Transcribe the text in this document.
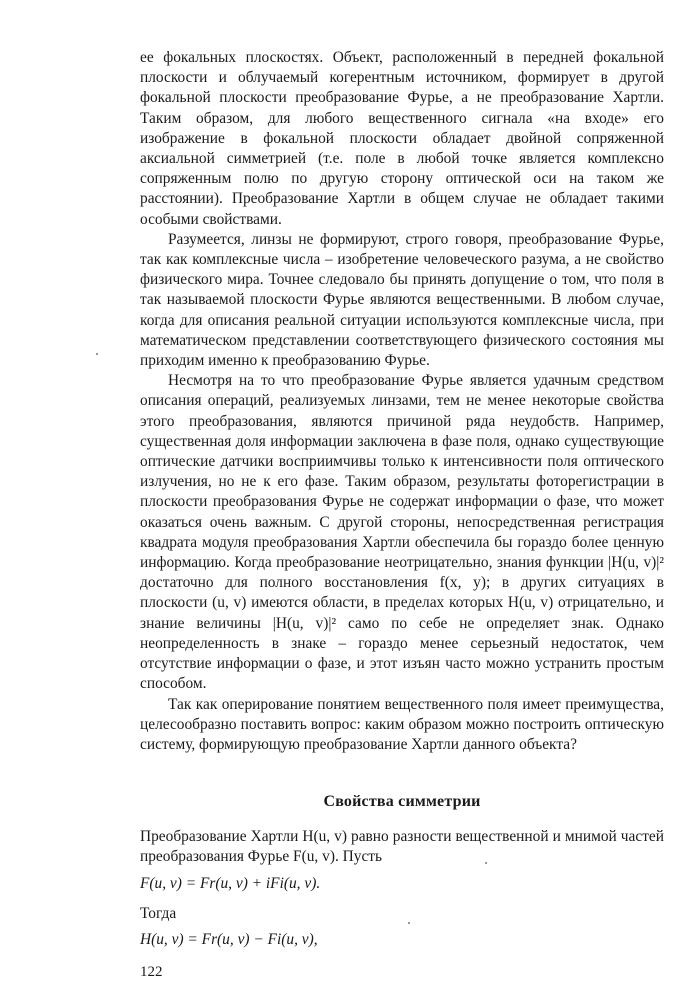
ее фокальных плоскостях. Объект, расположенный в передней фокальной плоскости и облучаемый когерентным источником, формирует в другой фокальной плоскости преобразование Фурье, а не преобразование Хартли. Таким образом, для любого вещественного сигнала «на входе» его изображение в фокальной плоскости обладает двойной сопряженной аксиальной симметрией (т.е. поле в любой точке является комплексно сопряженным полю по другую сторону оптической оси на таком же расстоянии). Преобразование Хартли в общем случае не обладает такими особыми свойствами.

Разумеется, линзы не формируют, строго говоря, преобразование Фурье, так как комплексные числа – изобретение человеческого разума, а не свойство физического мира. Точнее следовало бы принять допущение о том, что поля в так называемой плоскости Фурье являются вещественными. В любом случае, когда для описания реальной ситуации используются комплексные числа, при математическом представлении соответствующего физического состояния мы приходим именно к преобразованию Фурье.

Несмотря на то что преобразование Фурье является удачным средством описания операций, реализуемых линзами, тем не менее некоторые свойства этого преобразования, являются причиной ряда неудобств. Например, существенная доля информации заключена в фазе поля, однако существующие оптические датчики восприимчивы только к интенсивности поля оптического излучения, но не к его фазе. Таким образом, результаты фоторегистрации в плоскости преобразования Фурье не содержат информации о фазе, что может оказаться очень важным. С другой стороны, непосредственная регистрация квадрата модуля преобразования Хартли обеспечила бы гораздо более ценную информацию. Когда преобразование неотрицательно, знания функции |H(u, v)|² достаточно для полного восстановления f(x, y); в других ситуациях в плоскости (u, v) имеются области, в пределах которых H(u, v) отрицательно, и знание величины |H(u, v)|² само по себе не определяет знак. Однако неопределенность в знаке – гораздо менее серьезный недостаток, чем отсутствие информации о фазе, и этот изъян часто можно устранить простым способом.

Так как оперирование понятием вещественного поля имеет преимущества, целесообразно поставить вопрос: каким образом можно построить оптическую систему, формирующую преобразование Хартли данного объекта?

Свойства симметрии

Преобразование Хартли H(u, v) равно разности вещественной и мнимой частей преобразования Фурье F(u, v). Пусть

F(u, v) = Fr(u, v) + iFi(u, v).
Тогда
H(u, v) = Fr(u, v) − Fi(u, v),
122
